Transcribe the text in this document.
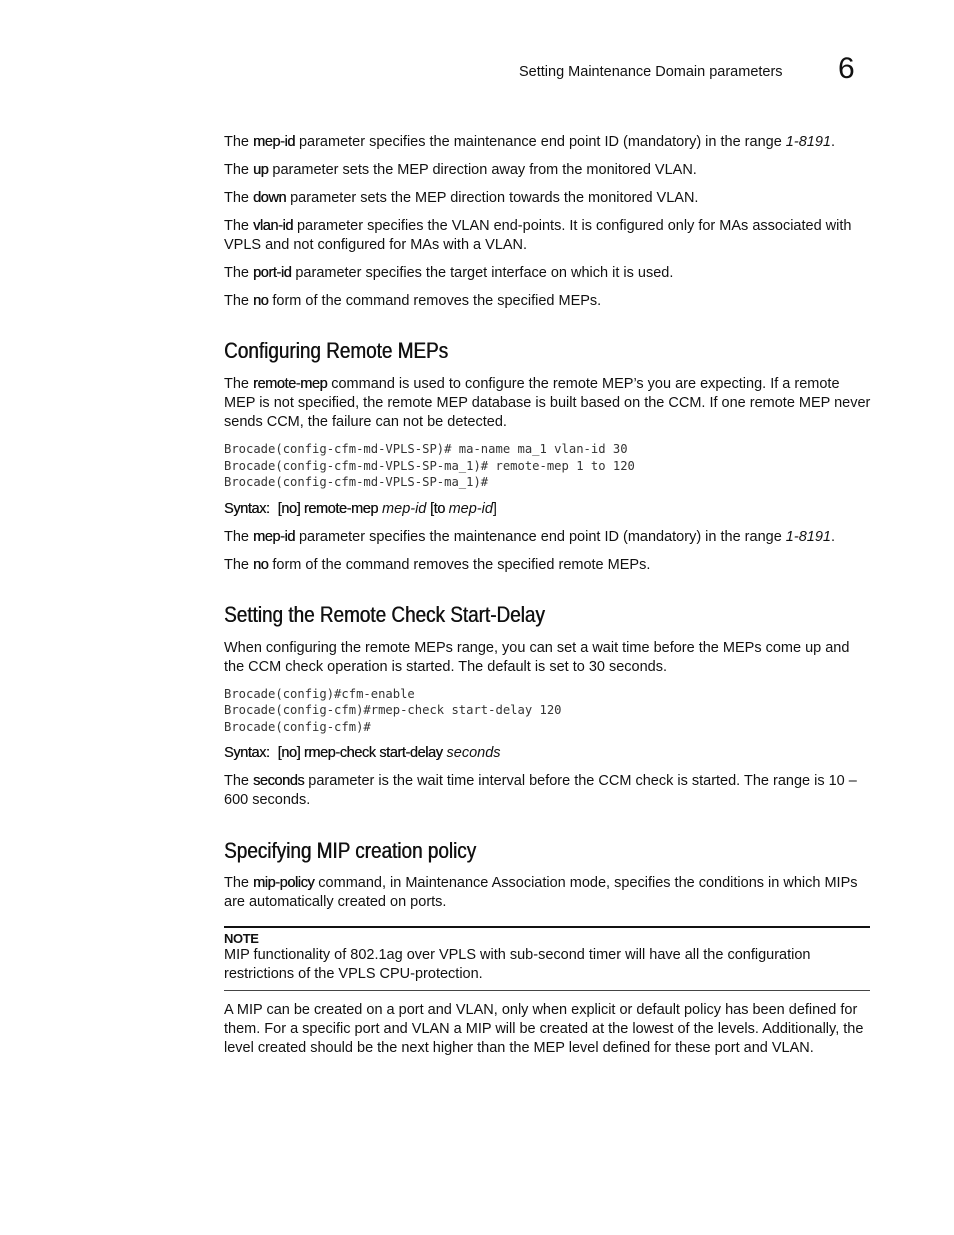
Setting Maintenance Domain parameters 6

The mep-id parameter specifies the maintenance end point ID (mandatory) in the range 1-8191.

The up parameter sets the MEP direction away from the monitored VLAN.

The down parameter sets the MEP direction towards the monitored VLAN.

The vlan-id parameter specifies the VLAN end-points. It is configured only for MAs associated with VPLS and not configured for MAs with a VLAN.

The port-id parameter specifies the target interface on which it is used.

The no form of the command removes the specified MEPs.

Configuring Remote MEPs

The remote-mep command is used to configure the remote MEP’s you are expecting. If a remote MEP is not specified, the remote MEP database is built based on the CCM. If one remote MEP never sends CCM, the failure can not be detected.

Brocade(config-cfm-md-VPLS-SP)# ma-name ma_1 vlan-id 30
Brocade(config-cfm-md-VPLS-SP-ma_1)# remote-mep 1 to 120
Brocade(config-cfm-md-VPLS-SP-ma_1)#
Syntax: [no] remote-mep mep-id [to mep-id]

The mep-id parameter specifies the maintenance end point ID (mandatory) in the range 1-8191.

The no form of the command removes the specified remote MEPs.

Setting the Remote Check Start-Delay

When configuring the remote MEPs range, you can set a wait time before the MEPs come up and the CCM check operation is started. The default is set to 30 seconds.

Brocade(config)#cfm-enable
Brocade(config-cfm)#rmep-check start-delay 120
Brocade(config-cfm)#
Syntax: [no] rmep-check start-delay seconds

The seconds parameter is the wait time interval before the CCM check is started. The range is 10 – 600 seconds.

Specifying MIP creation policy

The mip-policy command, in Maintenance Association mode, specifies the conditions in which MIPs are automatically created on ports.

NOTE

MIP functionality of 802.1ag over VPLS with sub-second timer will have all the configuration restrictions of the VPLS CPU-protection.

A MIP can be created on a port and VLAN, only when explicit or default policy has been defined for them. For a specific port and VLAN a MIP will be created at the lowest of the levels. Additionally, the level created should be the next higher than the MEP level defined for these port and VLAN.
